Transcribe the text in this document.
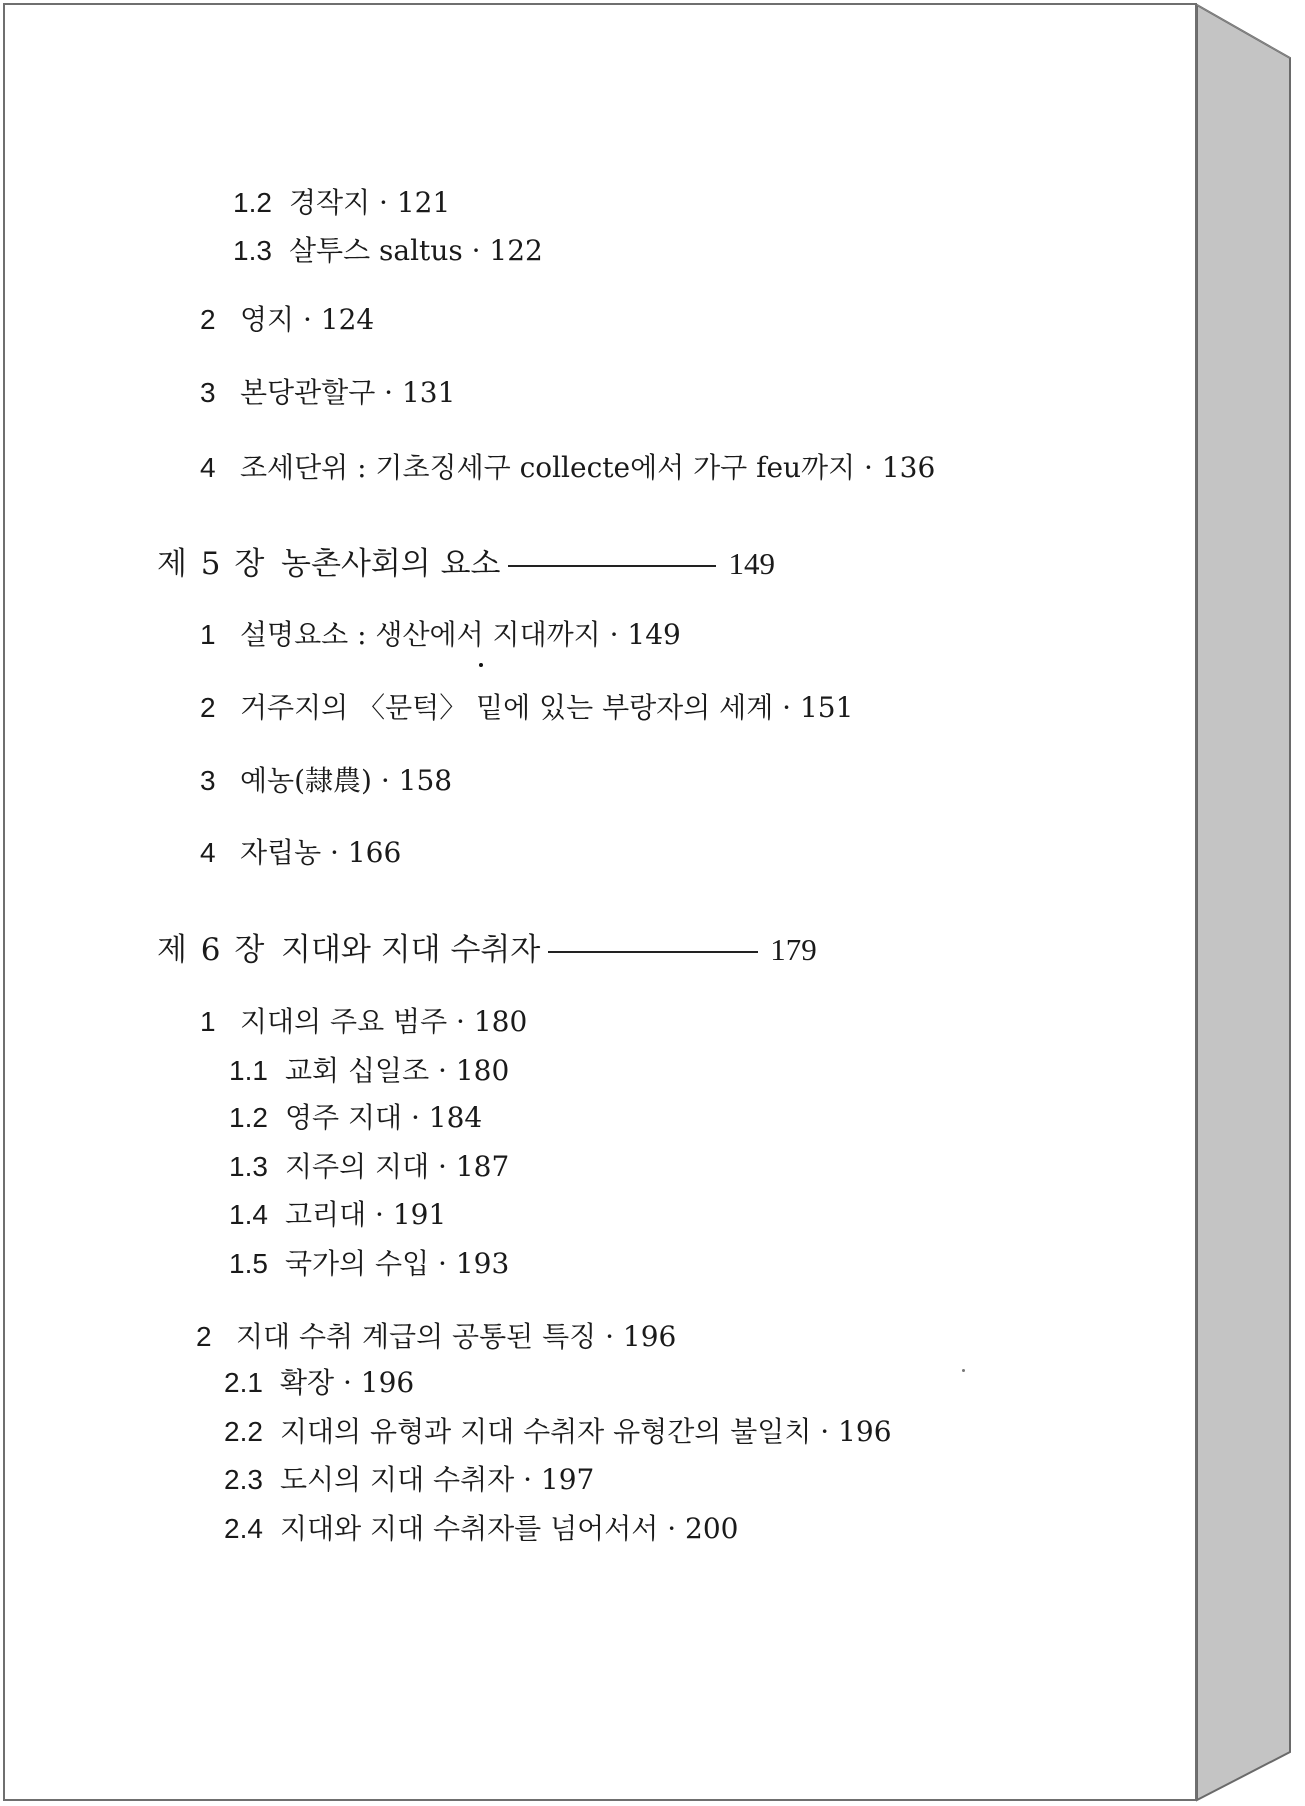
1.2 경작지 · 121
1.3 살투스 saltus · 122
2 영지 · 124
3 본당관할구 · 131
4 조세단위 : 기초징세구 collecte에서 가구 feu까지 · 136
제 5 장 농촌사회의 요소	149
1 설명요소 : 생산에서 지대까지 · 149
2 거주지의 〈문턱〉 밑에 있는 부랑자의 세계 · 151
3 예농(隷農) · 158
4 자립농 · 166
제 6 장 지대와 지대 수취자	179
1 지대의 주요 범주 · 180
1.1 교회 십일조 · 180
1.2 영주 지대 · 184
1.3 지주의 지대 · 187
1.4 고리대 · 191
1.5 국가의 수입 · 193
2 지대 수취 계급의 공통된 특징 · 196
2.1 확장 · 196
2.2 지대의 유형과 지대 수취자 유형간의 불일치 · 196
2.3 도시의 지대 수취자 · 197
2.4 지대와 지대 수취자를 넘어서서 · 200
